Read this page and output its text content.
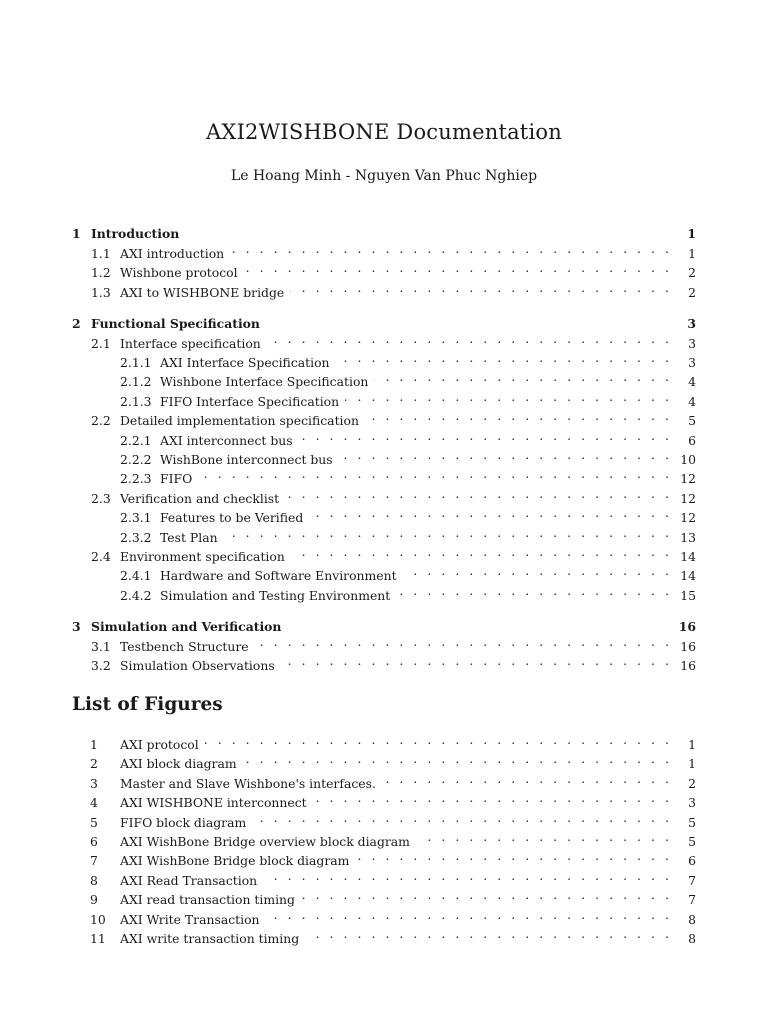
AXI2WISHBONE Documentation
Le Hoang Minh - Nguyen Van Phuc Nghiep
1 Introduction	1
1.1 AXI introduction . . .	1
1.2 Wishbone protocol . . .	2
1.3 AXI to WISHBONE bridge . . .	2
2 Functional Specification	3
2.1 Interface specification . . .	3
2.1.1 AXI Interface Specification . . .	3
2.1.2 Wishbone Interface Specification . . .	4
2.1.3 FIFO Interface Specification . . .	4
2.2 Detailed implementation specification . . .	5
2.2.1 AXI interconnect bus . . .	6
2.2.2 WishBone interconnect bus . . .	10
2.2.3 FIFO . . .	12
2.3 Verification and checklist . . .	12
2.3.1 Features to be Verified . . .	12
2.3.2 Test Plan . . .	13
2.4 Environment specification . . .	14
2.4.1 Hardware and Software Environment . . .	14
2.4.2 Simulation and Testing Environment . . .	15
3 Simulation and Verification	16
3.1 Testbench Structure . . .	16
3.2 Simulation Observations . . .	16
List of Figures
1	AXI protocol . . .	1
2	AXI block diagram . . .	1
3	Master and Slave Wishbone's interfaces. . . .	2
4	AXI WISHBONE interconnect . . .	3
5	FIFO block diagram . . .	5
6	AXI WishBone Bridge overview block diagram . . .	5
7	AXI WishBone Bridge block diagram . . .	6
8	AXI Read Transaction . . .	7
9	AXI read transaction timing . . .	7
10	AXI Write Transaction . . .	8
11	AXI write transaction timing . . .	8
